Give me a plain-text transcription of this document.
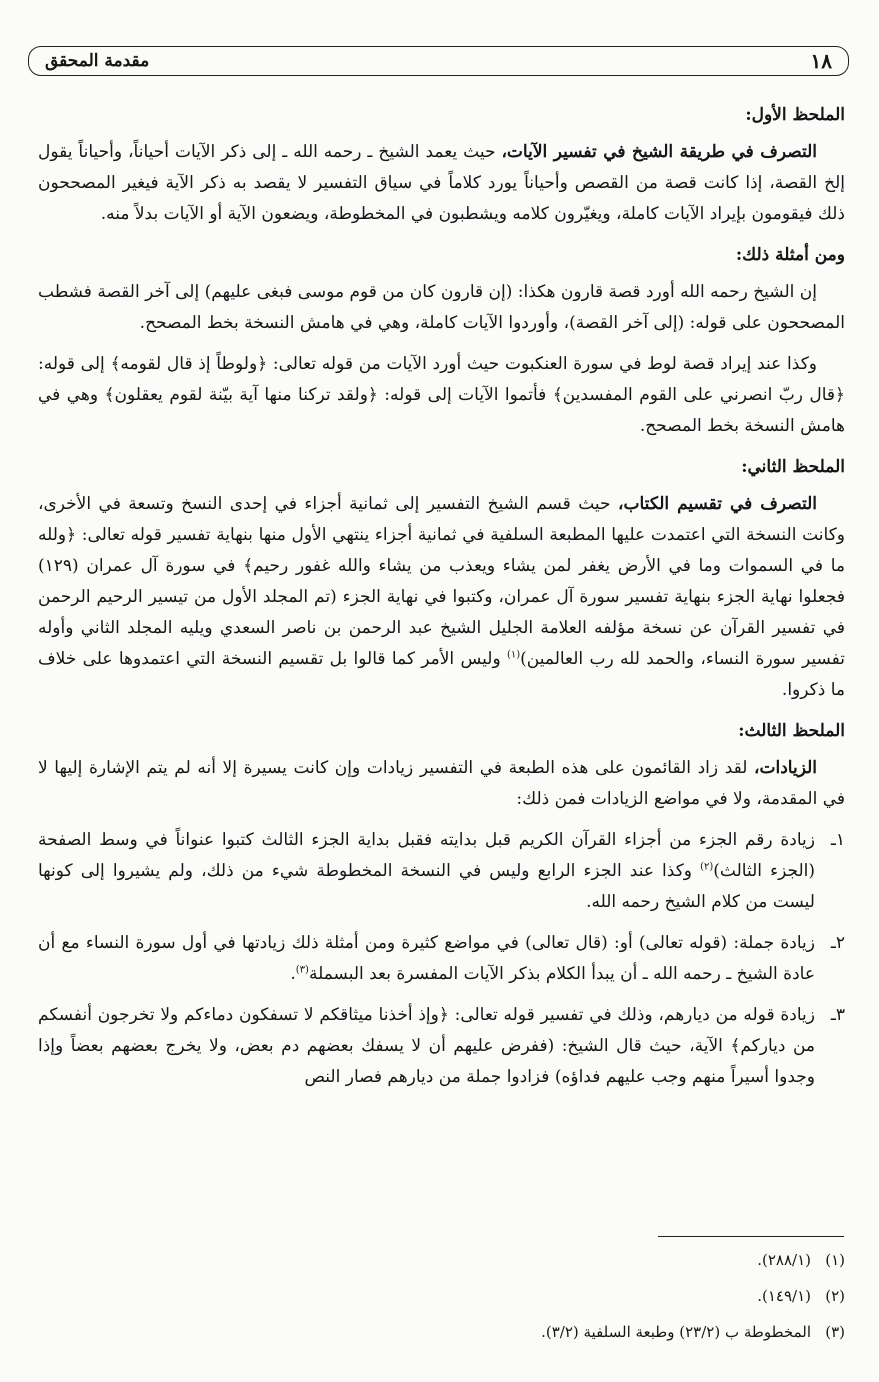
مقدمة المحقق	١٨
الملحظ الأول:

التصرف في طريقة الشيخ في تفسير الآيات، حيث يعمد الشيخ ـ رحمه الله ـ إلى ذكر الآيات أحياناً، وأحياناً يقول إلخ القصة، إذا كانت قصة من القصص وأحياناً يورد كلاماً في سياق التفسير لا يقصد به ذكر الآية فيغير المصححون ذلك فيقومون بإيراد الآيات كاملة، ويغيّرون كلامه ويشطبون في المخطوطة، ويضعون الآية أو الآيات بدلاً منه.

ومن أمثلة ذلك:

إن الشيخ رحمه الله أورد قصة قارون هكذا: (إن قارون كان من قوم موسى فبغى عليهم) إلى آخر القصة فشطب المصححون على قوله: (إلى آخر القصة)، وأوردوا الآيات كاملة، وهي في هامش النسخة بخط المصحح.

وكذا عند إيراد قصة لوط في سورة العنكبوت حيث أورد الآيات من قوله تعالى: ﴿ولوطاً إذ قال لقومه﴾ إلى قوله: ﴿قال ربّ انصرني على القوم المفسدين﴾ فأتموا الآيات إلى قوله: ﴿ولقد تركنا منها آية بيّنة لقوم يعقلون﴾ وهي في هامش النسخة بخط المصحح.

الملحظ الثاني:

التصرف في تقسيم الكتاب، حيث قسم الشيخ التفسير إلى ثمانية أجزاء في إحدى النسخ وتسعة في الأخرى، وكانت النسخة التي اعتمدت عليها المطبعة السلفية في ثمانية أجزاء ينتهي الأول منها بنهاية تفسير قوله تعالى: ﴿ولله ما في السموات وما في الأرض يغفر لمن يشاء ويعذب من يشاء والله غفور رحيم﴾ في سورة آل عمران (١٢٩) فجعلوا نهاية الجزء بنهاية تفسير سورة آل عمران، وكتبوا في نهاية الجزء (تم المجلد الأول من تيسير الرحيم الرحمن في تفسير القرآن عن نسخة مؤلفه العلامة الجليل الشيخ عبد الرحمن بن ناصر السعدي ويليه المجلد الثاني وأوله تفسير سورة النساء، والحمد لله رب العالمين)$^{(١)}$ وليس الأمر كما قالوا بل تقسيم النسخة التي اعتمدوها على خلاف ما ذكروا.

الملحظ الثالث:

الزيادات، لقد زاد القائمون على هذه الطبعة في التفسير زيادات وإن كانت يسيرة إلا أنه لم يتم الإشارة إليها لا في المقدمة، ولا في مواضع الزيادات فمن ذلك:

١ـ
زيادة رقم الجزء من أجزاء القرآن الكريم قبل بدايته فقبل بداية الجزء الثالث كتبوا عنواناً في وسط الصفحة (الجزء الثالث)$^{(٢)}$ وكذا عند الجزء الرابع وليس في النسخة المخطوطة شيء من ذلك، ولم يشيروا إلى كونها ليست من كلام الشيخ رحمه الله.
٢ـ
زيادة جملة: (قوله تعالى) أو: (قال تعالى) في مواضع كثيرة ومن أمثلة ذلك زيادتها في أول سورة النساء مع أن عادة الشيخ ـ رحمه الله ـ أن يبدأ الكلام بذكر الآيات المفسرة بعد البسملة$^{(٣)}$.
٣ـ
زيادة قوله من ديارهم، وذلك في تفسير قوله تعالى: ﴿وإذ أخذنا ميثاقكم لا تسفكون دماءكم ولا تخرجون أنفسكم من دياركم﴾ الآية، حيث قال الشيخ: (ففرض عليهم أن لا يسفك بعضهم دم بعض، ولا يخرج بعضهم بعضاً وإذا وجدوا أسيراً منهم وجب عليهم فداؤه) فزادوا جملة من ديارهم فصار النص
(١)
(٢٨٨/١).
(٢)
(١٤٩/١).
(٣)
المخطوطة ب (٢٣/٢) وطبعة السلفية (٣/٢).
